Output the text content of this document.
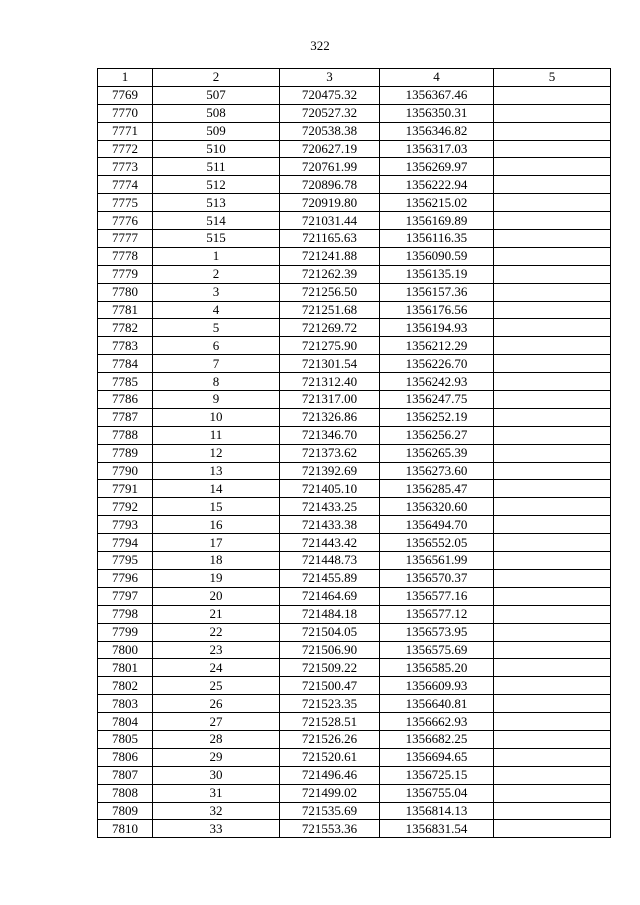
322
1	2	3	4	5
7769	507	720475.32	1356367.46	
7770	508	720527.32	1356350.31	
7771	509	720538.38	1356346.82	
7772	510	720627.19	1356317.03	
7773	511	720761.99	1356269.97	
7774	512	720896.78	1356222.94	
7775	513	720919.80	1356215.02	
7776	514	721031.44	1356169.89	
7777	515	721165.63	1356116.35	
7778	1	721241.88	1356090.59	
7779	2	721262.39	1356135.19	
7780	3	721256.50	1356157.36	
7781	4	721251.68	1356176.56	
7782	5	721269.72	1356194.93	
7783	6	721275.90	1356212.29	
7784	7	721301.54	1356226.70	
7785	8	721312.40	1356242.93	
7786	9	721317.00	1356247.75	
7787	10	721326.86	1356252.19	
7788	11	721346.70	1356256.27	
7789	12	721373.62	1356265.39	
7790	13	721392.69	1356273.60	
7791	14	721405.10	1356285.47	
7792	15	721433.25	1356320.60	
7793	16	721433.38	1356494.70	
7794	17	721443.42	1356552.05	
7795	18	721448.73	1356561.99	
7796	19	721455.89	1356570.37	
7797	20	721464.69	1356577.16	
7798	21	721484.18	1356577.12	
7799	22	721504.05	1356573.95	
7800	23	721506.90	1356575.69	
7801	24	721509.22	1356585.20	
7802	25	721500.47	1356609.93	
7803	26	721523.35	1356640.81	
7804	27	721528.51	1356662.93	
7805	28	721526.26	1356682.25	
7806	29	721520.61	1356694.65	
7807	30	721496.46	1356725.15	
7808	31	721499.02	1356755.04	
7809	32	721535.69	1356814.13	
7810	33	721553.36	1356831.54	
